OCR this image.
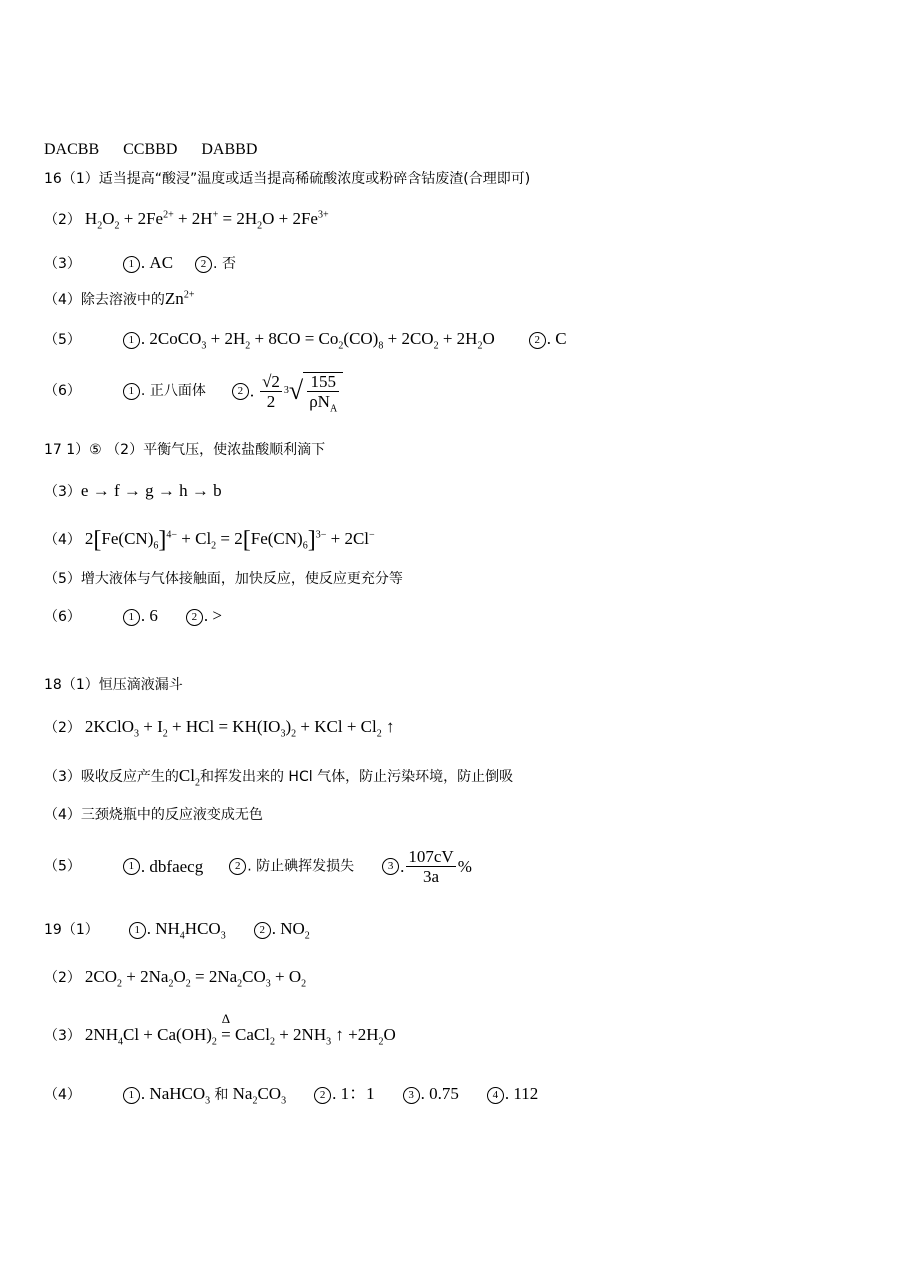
DACBB CCBBD DABBD
16（1）适当提高“酸浸”温度或适当提高稀硫酸浓度或粉碎含钴废渣(合理即可)
（2） $H_2O_2 + 2Fe^{2+} + 2H^+ = 2H_2O + 2Fe^{3+}$
（3）	1 . AC	2 . 否
（4）除去溶液中的$Zn^{2+}$
（5）	1 . 2CoCO$_3$ + $2H_2 + 8CO = Co_2(CO)_8 + 2CO_2 + 2H_2O$	2 . C
（6）	1 . 正八面体	2 . $\frac{√2}{2} 3√ \frac{155}{\rho N_A}$
17 1）⑤ （2）平衡气压，使浓盐酸顺利滴下
（3）e → f → g → h → b
（4） $2[Fe(CN)_6]^{4-} + Cl_2 = 2[Fe(CN)_6]^{3-} + 2Cl^-$
（5）增大液体与气体接触面，加快反应，使反应更充分等
（6）	1 . 6	2 . >
18（1）恒压滴液漏斗
（2） 2KClO$_3$ + $I_2$ + HCl = $KH(IO_3)_2$ + KCl + $Cl_2$ ↑
（3）吸收反应产生的$Cl_2$和挥发出来的 HCl 气体，防止污染环境，防止倒吸
（4）三颈烧瓶中的反应液变成无色
（5）	1 . dbfaecg	2 . 防止碘挥发损失	3 . $\frac{107cV}{3a}$ %
19（1）	1 . $NH_4HCO_32$ . $NO_2$
（2） $2CO_2 + 2Na_2O_2 = 2Na_2CO_3 + O_2$
（3） $2NH_4Cl + Ca(OH)_2$
Δ
= CaCl$_2$ + $2NH_3$ ↑ $+2H_2O$
（4）	1 . NaHCO$_3$ 和 $Na_2CO_32$ . 1：1	3 . 0.75	4 . 112
